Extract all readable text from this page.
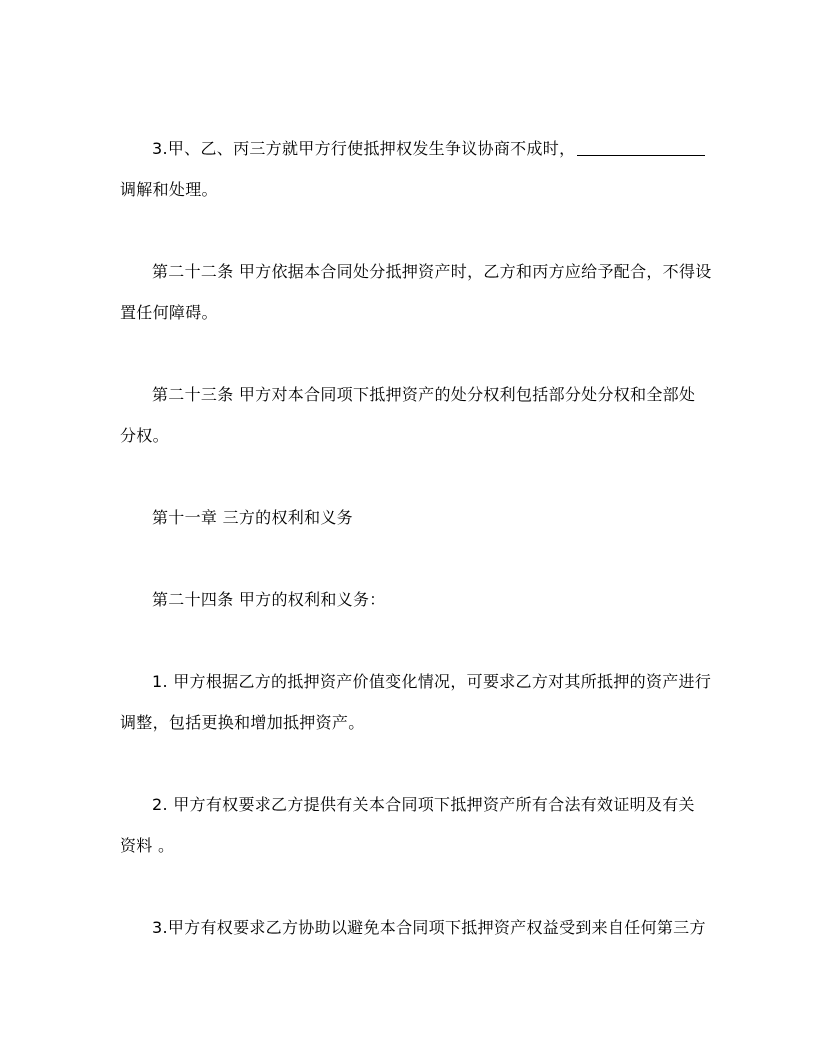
3.甲、乙、丙三方就甲方行使抵押权发生争议协商不成时，
调解和处理。
第二十二条 甲方依据本合同处分抵押资产时，乙方和丙方应给予配合，不得设
置任何障碍。
第二十三条 甲方对本合同项下抵押资产的处分权利包括部分处分权和全部处
分权。
第十一章 三方的权利和义务
第二十四条 甲方的权利和义务：
1. 甲方根据乙方的抵押资产价值变化情况，可要求乙方对其所抵押的资产进行
调整，包括更换和增加抵押资产。
2. 甲方有权要求乙方提供有关本合同项下抵押资产所有合法有效证明及有关
资料 。
3.甲方有权要求乙方协助以避免本合同项下抵押资产权益受到来自任何第三方
